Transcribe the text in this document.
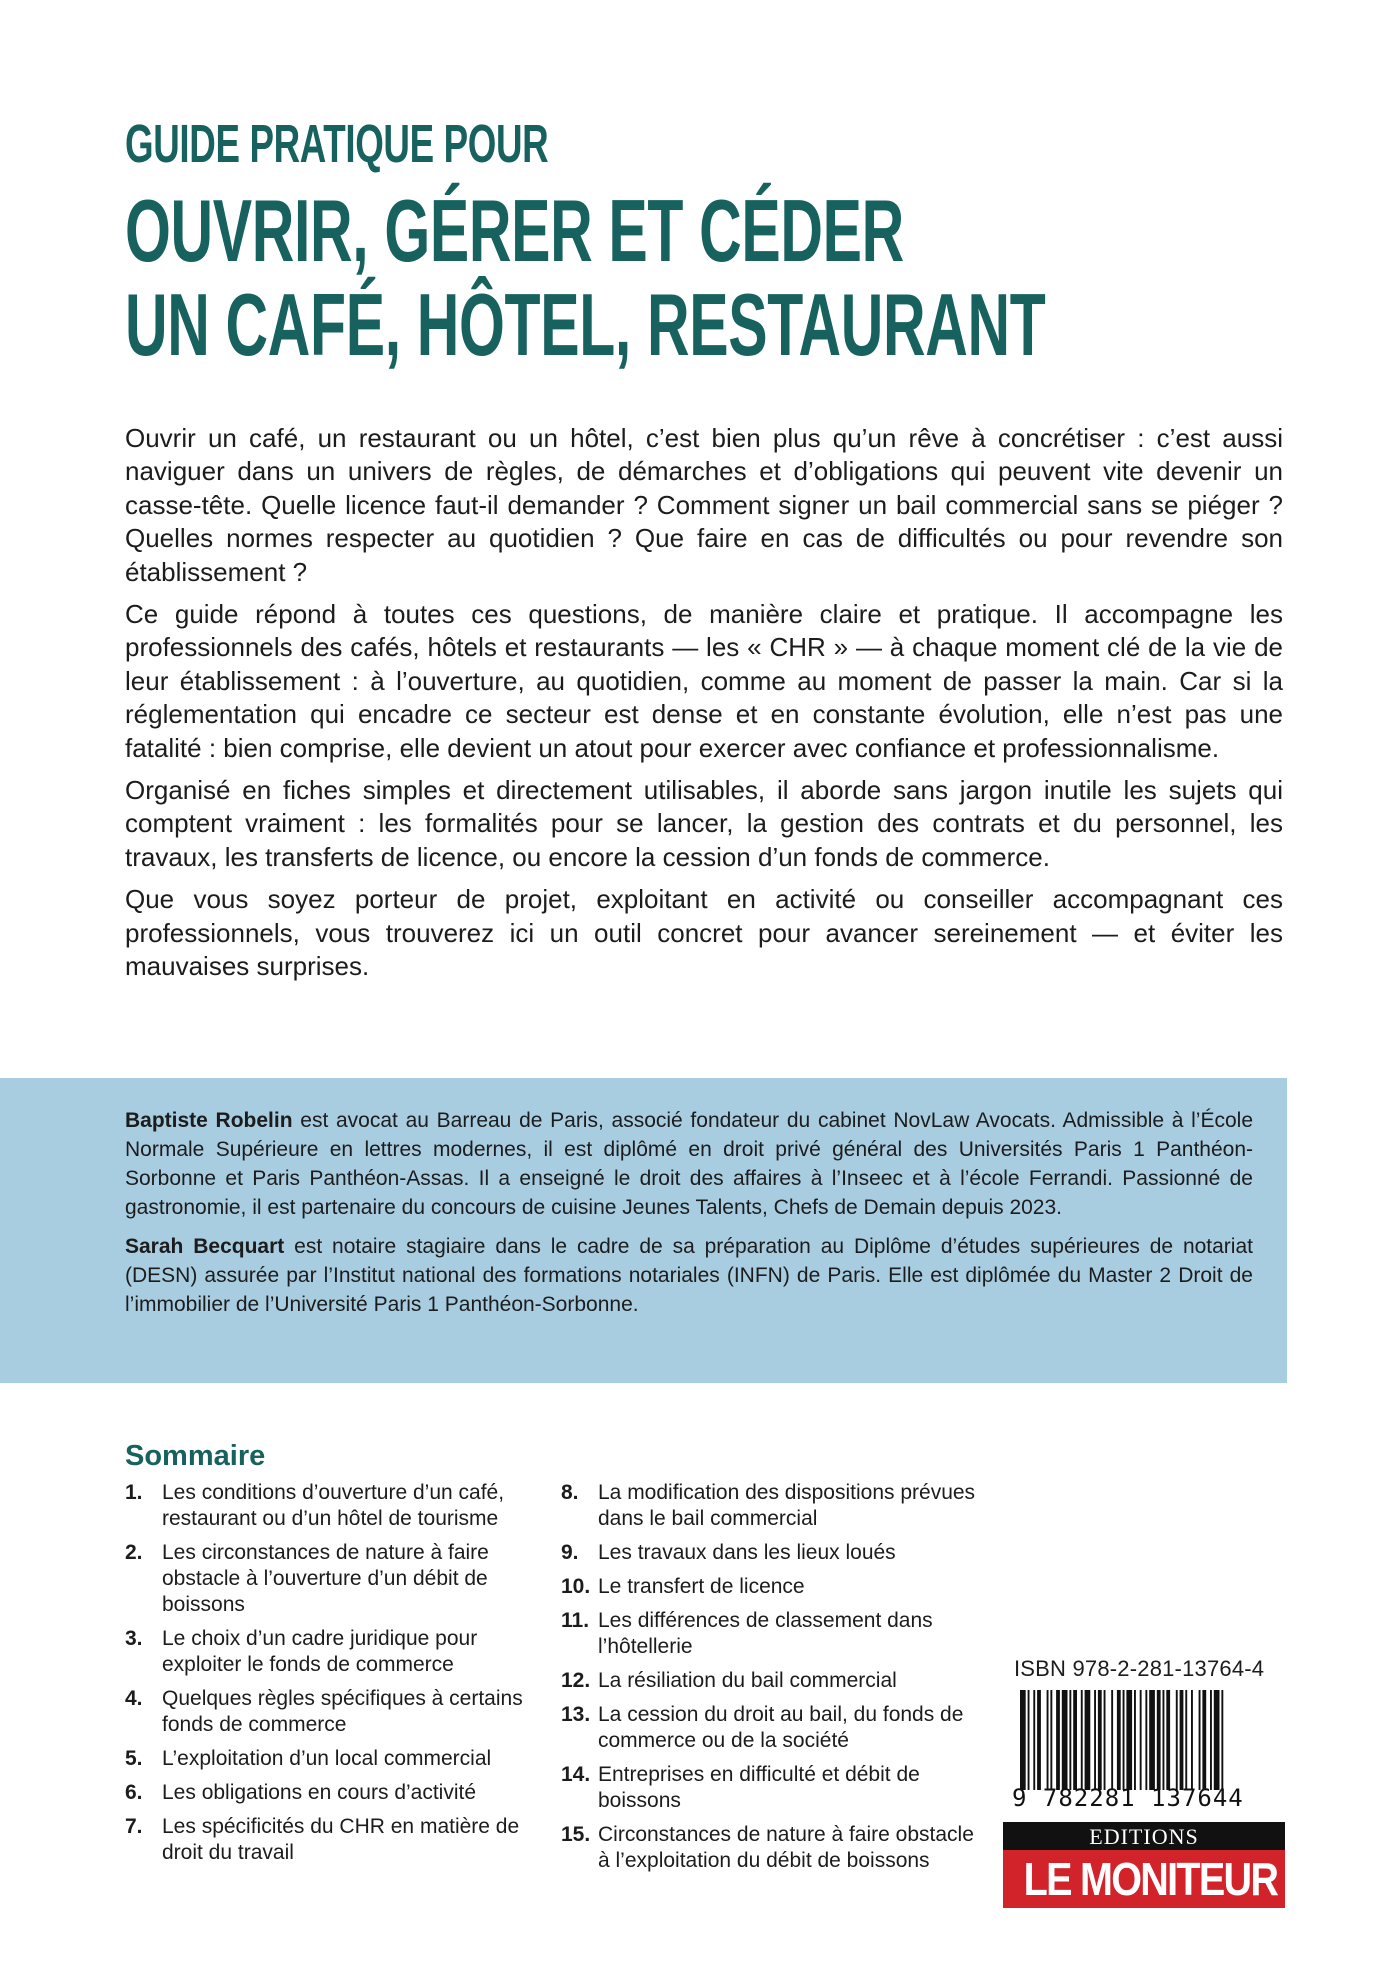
GUIDE PRATIQUE POUR
OUVRIR, GÉRER ET CÉDER
UN CAFÉ, HÔTEL, RESTAURANT

Ouvrir un café, un restaurant ou un hôtel, c’est bien plus qu’un rêve à concrétiser : c’est aussi naviguer dans un univers de règles, de démarches et d’obligations qui peuvent vite devenir un casse-tête. Quelle licence faut-il demander ? Comment signer un bail commercial sans se piéger ? Quelles normes respecter au quotidien ? Que faire en cas de difficultés ou pour revendre son établissement ?

Ce guide répond à toutes ces questions, de manière claire et pratique. Il accompagne les professionnels des cafés, hôtels et restaurants — les « CHR » — à chaque moment clé de la vie de leur établissement : à l’ouverture, au quotidien, comme au moment de passer la main. Car si la réglementation qui encadre ce secteur est dense et en constante évolution, elle n’est pas une fatalité : bien comprise, elle devient un atout pour exercer avec confiance et professionnalisme.

Organisé en fiches simples et directement utilisables, il aborde sans jargon inutile les sujets qui comptent vraiment : les formalités pour se lancer, la gestion des contrats et du personnel, les travaux, les transferts de licence, ou encore la cession d’un fonds de commerce.

Que vous soyez porteur de projet, exploitant en activité ou conseiller accompagnant ces professionnels, vous trouverez ici un outil concret pour avancer sereinement — et éviter les mauvaises surprises.

Baptiste Robelin est avocat au Barreau de Paris, associé fondateur du cabinet NovLaw Avocats. Admissible à l’École Normale Supérieure en lettres modernes, il est diplômé en droit privé général des Universités Paris 1 Panthéon-Sorbonne et Paris Panthéon-Assas. Il a enseigné le droit des affaires à l’Inseec et à l’école Ferrandi. Passionné de gastronomie, il est partenaire du concours de cuisine Jeunes Talents, Chefs de Demain depuis 2023.

Sarah Becquart est notaire stagiaire dans le cadre de sa préparation au Diplôme d’études supérieures de notariat (DESN) assurée par l’Institut national des formations notariales (INFN) de Paris. Elle est diplômée du Master 2 Droit de l’immobilier de l’Université Paris 1 Panthéon-Sorbonne.

Sommaire
1. Les conditions d’ouverture d’un café, restaurant ou d’un hôtel de tourisme
2. Les circonstances de nature à faire obstacle à l’ouverture d’un débit de boissons
3. Le choix d’un cadre juridique pour exploiter le fonds de commerce
4. Quelques règles spécifiques à certains fonds de commerce
5. L’exploitation d’un local commercial
6. Les obligations en cours d’activité
7. Les spécificités du CHR en matière de droit du travail
8. La modification des dispositions prévues dans le bail commercial
9. Les travaux dans les lieux loués
10. Le transfert de licence
11. Les différences de classement dans l’hôtellerie
12. La résiliation du bail commercial
13. La cession du droit au bail, du fonds de commerce ou de la société
14. Entreprises en difficulté et débit de boissons
15. Circonstances de nature à faire obstacle à l’exploitation du débit de boissons
ISBN 978-2-281-13764-4
9 782281 137644
EDITIONS
LE MONITEUR
